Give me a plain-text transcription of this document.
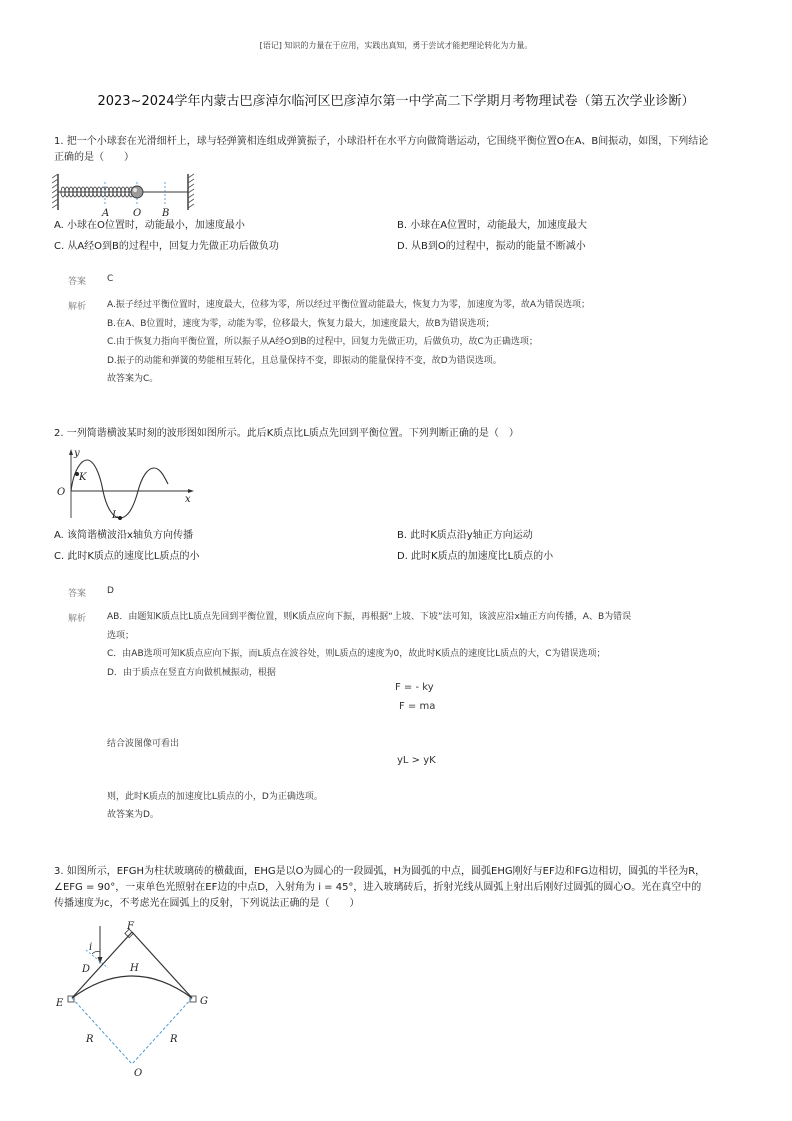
[语记] 知识的力量在于应用，实践出真知，勇于尝试才能把理论转化为力量。
2023~2024学年内蒙古巴彦淖尔临河区巴彦淖尔第一中学高二下学期月考物理试卷（第五次学业诊断）
1. 把一个小球套在光滑细杆上，球与轻弹簧相连组成弹簧振子，小球沿杆在水平方向做简谐运动，它围绕平衡位置O在A、B间振动，如图，下列结论
正确的是（　　）
A O B
A. 小球在O位置时，动能最小，加速度最小	B. 小球在A位置时，动能最大，加速度最大
C. 从A经O到B的过程中，回复力先做正功后做负功	D. 从B到O的过程中，振动的能量不断减小
答案 C
解析 A.振子经过平衡位置时，速度最大，位移为零，所以经过平衡位置动能最大，恢复力为零，加速度为零，故A为错误选项；
B.在A、B位置时，速度为零，动能为零，位移最大，恢复力最大，加速度最大，故B为错误选项；
C.由于恢复力指向平衡位置，所以振子从A经O到B的过程中，回复力先做正功，后做负功，故C为正确选项；
D.振子的动能和弹簧的势能相互转化，且总量保持不变，即振动的能量保持不变，故D为错误选项。
故答案为C。
2. 一列简谐横波某时刻的波形图如图所示。此后K质点比L质点先回到平衡位置。下列判断正确的是（　）
y
K
O
x
L
A. 该简谐横波沿x轴负方向传播	B. 此时K质点沿y轴正方向运动
C. 此时K质点的速度比L质点的小	D. 此时K质点的加速度比L质点的小
答案 D
解析 AB．由题知K质点比L质点先回到平衡位置，则K质点应向下振，再根据“上坡、下坡”法可知，该波应沿x轴正方向传播，A、B为错误
选项；
C．由AB选项可知K质点应向下振，而L质点在波谷处，则L质点的速度为0，故此时K质点的速度比L质点的大，C为错误选项；
D．由于质点在竖直方向做机械振动，根据
F = - ky
F = ma
结合波图像可看出
yL > yK
则，此时K质点的加速度比L质点的小，D为正确选项。
故答案为D。
3. 如图所示，EFGH为柱状玻璃砖的横截面，EHG是以O为圆心的一段圆弧，H为圆弧的中点，圆弧EHG刚好与EF边和FG边相切，圆弧的半径为R，
∠EFG = 90°，一束单色光照射在EF边的中点D，入射角为 i = 45°，进入玻璃砖后，折射光线从圆弧上射出后刚好过圆弧的圆心O。光在真空中的
传播速度为c，不考虑光在圆弧上的反射，下列说法正确的是（　　）
i
F
D	H
E	G
R	R
O
